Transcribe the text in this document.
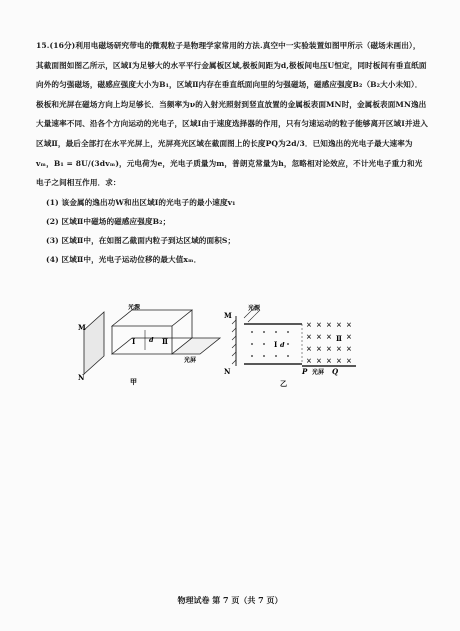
15.(16分)利用电磁场研究带电的微观粒子是物理学家常用的方法.真空中一实验装置如图甲所示（磁场未画出），其截面图如图乙所示，区域Ⅰ为足够大的水平平行金属板区域,极板间距为d,极板间电压U恒定，同时板间有垂直纸面向外的匀强磁场，磁感应强度大小为B₁，区域Ⅱ内存在垂直纸面向里的匀强磁场，磁感应强度B₂（B₂大小未知）．极板和光屏在磁场方向上均足够长．当频率为ν的入射光照射到竖直放置的金属板表面MN时，金属板表面MN逸出大量速率不同、沿各个方向运动的光电子，区域Ⅰ由于速度选择器的作用，只有匀速运动的粒子能够离开区域Ⅰ并进入区域Ⅱ，最后全部打在水平光屏上，光屏亮光区域在截面图上的长度PQ为2d/3．已知逸出的光电子最大速率为vₘ，B₁ = 8U/(3dvₘ)，元电荷为e，光电子质量为m，普朗克常量为h，忽略相对论效应，不计光电子重力和光电子之间相互作用．求：

(1) 该金属的逸出功W和出区域Ⅰ的光电子的最小速度v₁

(2) 区域Ⅱ中磁场的磁感应强度B₂；

(3) 区域Ⅱ中，在如图乙截面内粒子到达区域的面积S；

(4) 区域Ⅱ中，光电子运动位移的最大值xₘ．

M
N
光源
Ⅰ d Ⅱ
光屏
甲
× × × × ×
× × × ×
× × × × ×
× × × × ×
M
N
光源
Ⅰ d
Ⅱ
P 光屏 Q
乙
物理试卷 第 7 页（共 7 页）
